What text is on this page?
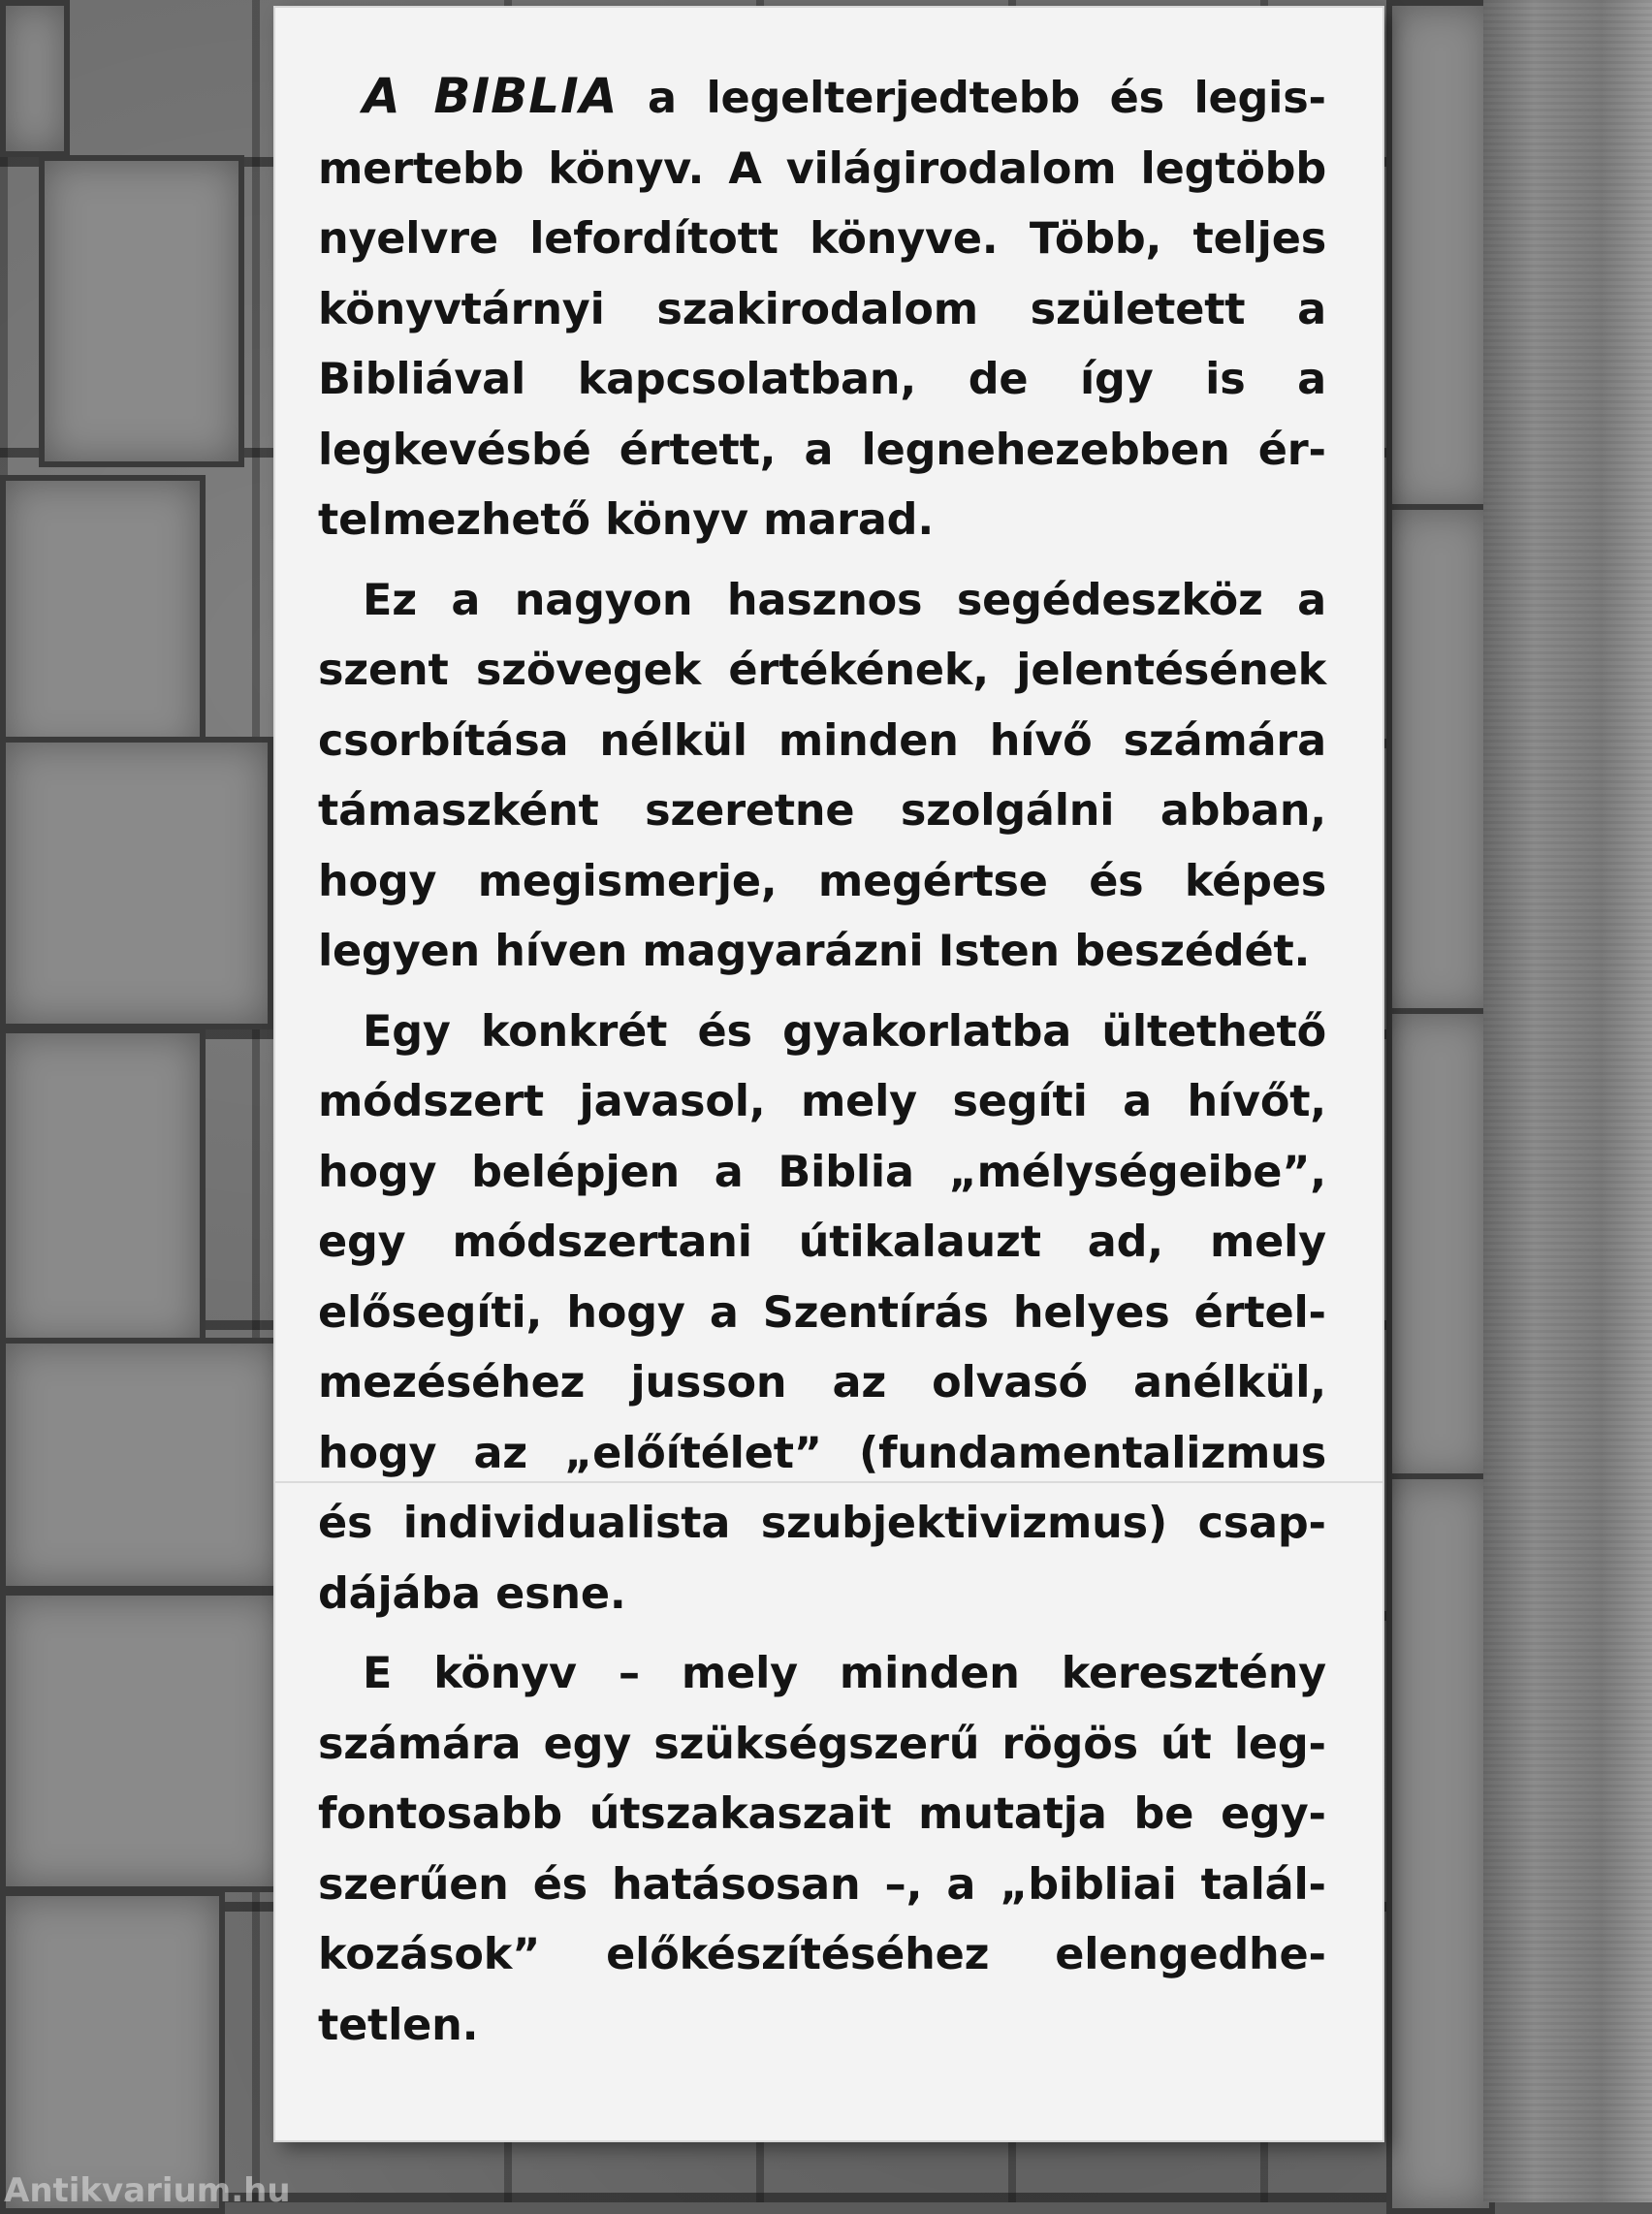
A BIBLIA a legelterjedtebb és legismertebb könyv. A világirodalom legtöbb nyelvre lefordított könyve. Több, teljes könyvtárnyi szakirodalom született a Bibliával kapcsolatban, de így is a legkevésbé értett, a legnehezebben értelmezhető könyv marad.

Ez a nagyon hasznos segédeszköz a szent szövegek értékének, jelentésének csorbítása nélkül minden hívő számára támaszként szeretne szolgálni abban, hogy megismerje, megértse és képes legyen híven magyarázni Isten beszédét.

Egy konkrét és gyakorlatba ültethető módszert javasol, mely segíti a hívőt, hogy belépjen a Biblia „mélységeibe”, egy módszertani útikalauzt ad, mely elősegíti, hogy a Szentírás helyes értelmezéséhez jusson az olvasó anélkül, hogy az „előítélet” (fundamentalizmus és individualista szubjektivizmus) csapdájába esne.

E könyv – mely minden keresztény számára egy szükségszerű rögös út legfontosabb útszakaszait mutatja be egyszerűen és hatásosan –, a „bibliai találkozások” előkészítéséhez elengedhetetlen.

Antikvarium.hu
